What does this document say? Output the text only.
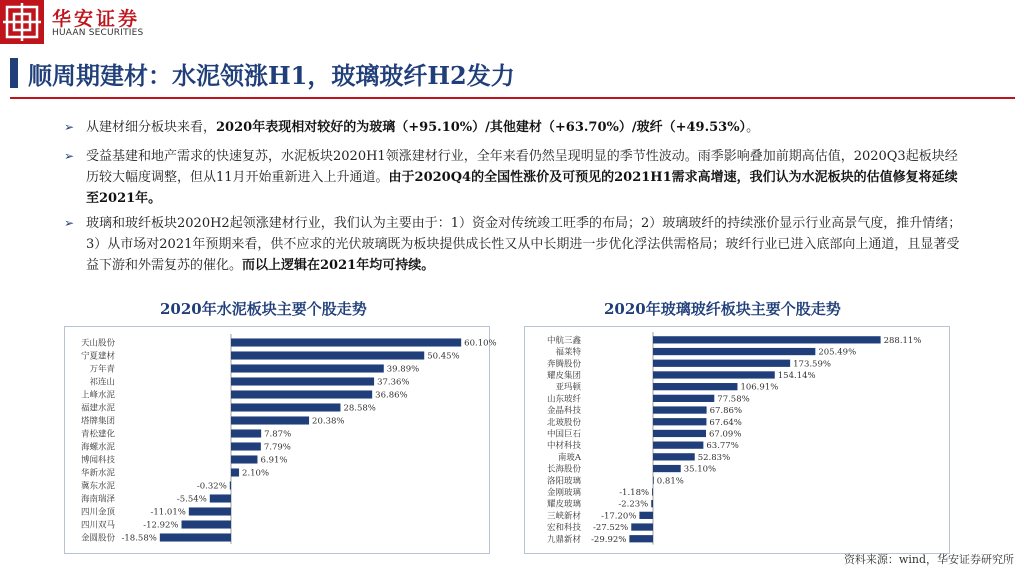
华安证券
HUAAN SECURITIES
顺周期建材：水泥领涨H1，玻璃玻纤H2发力
➢ 从建材细分板块来看，2020年表现相对较好的为玻璃（+95.10%）/其他建材（+63.70%）/玻纤（+49.53%）。
➢ 受益基建和地产需求的快速复苏，水泥板块2020H1领涨建材行业，全年来看仍然呈现明显的季节性波动。雨季影响叠加前期高估值，2020Q3起板块经历较大幅度调整，但从11月开始重新进入上升通道。由于2020Q4的全国性涨价及可预见的2021H1需求高增速，我们认为水泥板块的估值修复将延续至2021年。
➢ 玻璃和玻纤板块2020H2起领涨建材行业，我们认为主要由于：1）资金对传统竣工旺季的布局；2）玻璃玻纤的持续涨价显示行业高景气度，推升情绪；3）从市场对2021年预期来看，供不应求的光伏玻璃既为板块提供成长性又从中长期进一步优化浮法供需格局；玻纤行业已进入底部向上通道，且显著受益下游和外需复苏的催化。而以上逻辑在2021年均可持续。
2020年水泥板块主要个股走势	2020年玻璃玻纤板块主要个股走势
天山股份	60.10%
宁夏建材	50.45%
万年青	39.89%
祁连山	37.36%
上峰水泥	36.86%
福建水泥	28.58%
塔牌集团	20.38%
青松建化	7.87%
海螺水泥	7.79%
博闻科技	6.91%
华新水泥	2.10%
冀东水泥	-0.32%
海南瑞泽	-5.54%
四川金顶	-11.01%
四川双马	-12.92%
金圆股份 -18.58%
中航三鑫	288.11%
福莱特	205.49%
奔腾股份	173.59%
耀皮集团	154.14%
亚玛顿	106.91%
山东玻纤	77.58%
金晶科技	67.86%
北玻股份	67.64%
中国巨石	67.09%
中材科技	63.77%
南玻A	52.83%
长海股份	35.10%
洛阳玻璃	0.81%
金刚玻璃	-1.18%
耀皮玻璃	-2.23%
三峡新材 -17.20%
宏和科技 -27.52%
九鼎新材 -29.92%
资料来源：wind，华安证券研究所
